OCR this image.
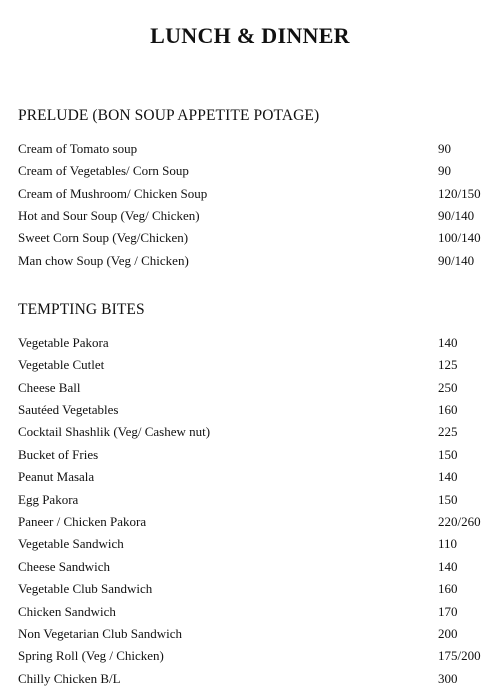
LUNCH & DINNER
PRELUDE (BON SOUP APPETITE POTAGE)
Cream of Tomato soup	90
Cream of Vegetables/ Corn Soup	90
Cream of Mushroom/ Chicken Soup	120/150
Hot and Sour Soup (Veg/ Chicken)	90/140
Sweet Corn Soup (Veg/Chicken)	100/140
Man chow Soup (Veg / Chicken)	90/140
TEMPTING BITES
Vegetable Pakora	140
Vegetable Cutlet	125
Cheese Ball	250
Sautéed Vegetables	160
Cocktail Shashlik (Veg/ Cashew nut)	225
Bucket of Fries	150
Peanut Masala	140
Egg Pakora	150
Paneer / Chicken Pakora	220/260
Vegetable Sandwich	110
Cheese Sandwich	140
Vegetable Club Sandwich	160
Chicken Sandwich	170
Non Vegetarian Club Sandwich	200
Spring Roll (Veg / Chicken)	175/200
Chilly Chicken B/L	300
